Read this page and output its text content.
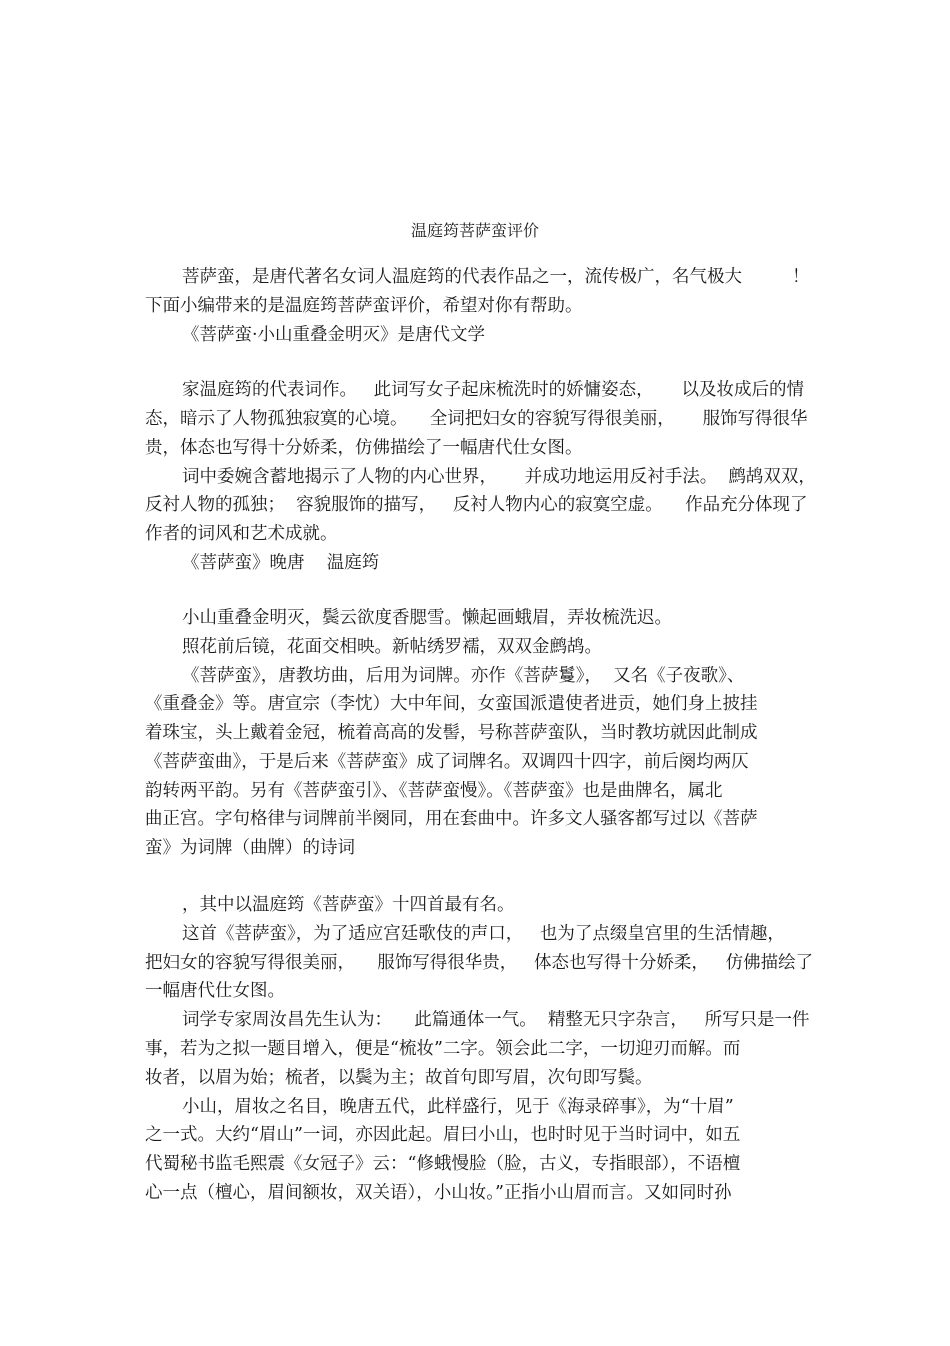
温庭筠菩萨蛮评价
菩萨蛮，是唐代著名女词人温庭筠的代表作品之一，流传极广，名气极大         ！
下面小编带来的是温庭筠菩萨蛮评价，希望对你有帮助。
《菩萨蛮·小山重叠金明灭》是唐代文学
家温庭筠的代表词作。   此词写女子起床梳洗时的娇慵姿态，     以及妆成后的情
态，暗示了人物孤独寂寞的心境。    全词把妇女的容貌写得很美丽，     服饰写得很华
贵，体态也写得十分娇柔，仿佛描绘了一幅唐代仕女图。
词中委婉含蓄地揭示了人物的内心世界，     并成功地运用反衬手法。  鹧鸪双双，
反衬人物的孤独；  容貌服饰的描写，   反衬人物内心的寂寞空虚。    作品充分体现了
作者的词风和艺术成就。
《菩萨蛮》晚唐    温庭筠
小山重叠金明灭，鬓云欲度香腮雪。懒起画蛾眉，弄妆梳洗迟。
照花前后镜，花面交相映。新帖绣罗襦，双双金鹧鸪。
《菩萨蛮》，唐教坊曲，后用为词牌。亦作《菩萨鬘》，  又名《子夜歌》、
《重叠金》等。唐宣宗（李忱）大中年间，女蛮国派遣使者进贡，她们身上披挂
着珠宝，头上戴着金冠，梳着高高的发髻，号称菩萨蛮队，当时教坊就因此制成
《菩萨蛮曲》，于是后来《菩萨蛮》成了词牌名。双调四十四字，前后阕均两仄
韵转两平韵。另有《菩萨蛮引》、《菩萨蛮慢》。《菩萨蛮》也是曲牌名，属北
曲正宫。字句格律与词牌前半阕同，用在套曲中。许多文人骚客都写过以《菩萨
蛮》为词牌（曲牌）的诗词
，其中以温庭筠《菩萨蛮》十四首最有名。
这首《菩萨蛮》，为了适应宫廷歌伎的声口，   也为了点缀皇宫里的生活情趣，
把妇女的容貌写得很美丽，    服饰写得很华贵，   体态也写得十分娇柔，   仿佛描绘了
一幅唐代仕女图。
词学专家周汝昌先生认为：    此篇通体一气。  精整无只字杂言，   所写只是一件
事，若为之拟一题目增入，便是“梳妆”二字。领会此二字，一切迎刃而解。而
妆者，以眉为始；梳者，以鬓为主；故首句即写眉，次句即写鬓。
小山，眉妆之名目，晚唐五代，此样盛行，见于《海录碎事》，为“十眉”
之一式。大约“眉山”一词，亦因此起。眉曰小山，也时时见于当时词中，如五
代蜀秘书监毛熙震《女冠子》云：“修蛾慢脸（脸，古义，专指眼部），不语檀
心一点（檀心，眉间额妆，双关语），小山妆。”正指小山眉而言。又如同时孙
